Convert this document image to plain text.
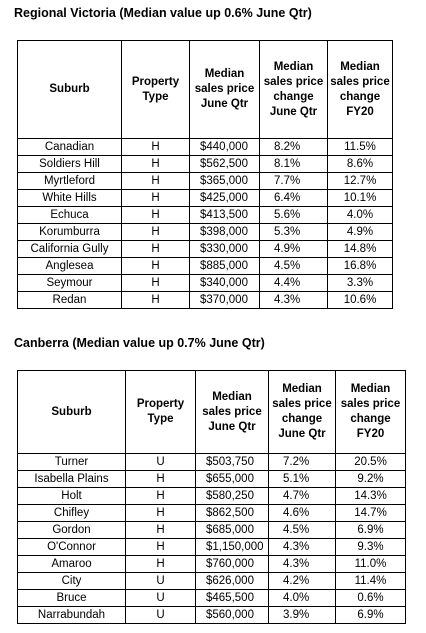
Regional Victoria (Median value up 0.6% June Qtr)
Suburb	Property Type	Median sales price June Qtr	Median sales price change June Qtr	Median sales price change FY20
Canadian	H	$440,000	8.2%	11.5%
Soldiers Hill	H	$562,500	8.1%	8.6%
Myrtleford	H	$365,000	7.7%	12.7%
White Hills	H	$425,000	6.4%	10.1%
Echuca	H	$413,500	5.6%	4.0%
Korumburra	H	$398,000	5.3%	4.9%
California Gully	H	$330,000	4.9%	14.8%
Anglesea	H	$885,000	4.5%	16.8%
Seymour	H	$340,000	4.4%	3.3%
Redan	H	$370,000	4.3%	10.6%
Canberra (Median value up 0.7% June Qtr)
Suburb	Property Type	Median sales price June Qtr	Median sales price change June Qtr	Median sales price change FY20
Turner	U	$503,750	7.2%	20.5%
Isabella Plains	H	$655,000	5.1%	9.2%
Holt	H	$580,250	4.7%	14.3%
Chifley	H	$862,500	4.6%	14.7%
Gordon	H	$685,000	4.5%	6.9%
O'Connor	H	$1,150,000	4.3%	9.3%
Amaroo	H	$760,000	4.3%	11.0%
City	U	$626,000	4.2%	11.4%
Bruce	U	$465,500	4.0%	0.6%
Narrabundah	U	$560,000	3.9%	6.9%
